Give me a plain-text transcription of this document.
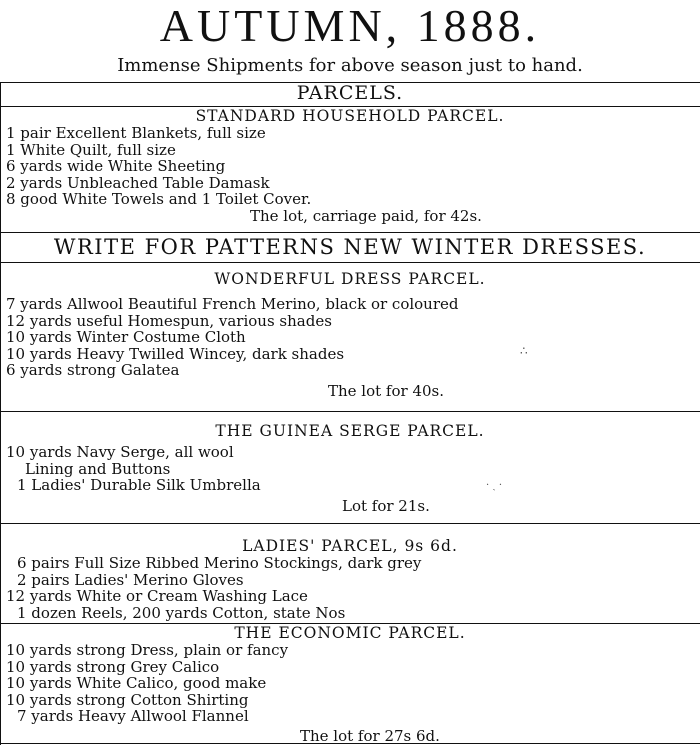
AUTUMN, 1888.
Immense Shipments for above season just to hand.
PARCELS.
STANDARD HOUSEHOLD PARCEL.
1 pair Excellent Blankets, full size
1 White Quilt, full size
6 yards wide White Sheeting
2 yards Unbleached Table Damask
8 good White Towels and 1 Toilet Cover.
The lot, carriage paid, for 42s.
WRITE FOR PATTERNS NEW WINTER DRESSES.
WONDERFUL DRESS PARCEL.
7 yards Allwool Beautiful French Merino, black or coloured
12 yards useful Homespun, various shades
10 yards Winter Costume Cloth
10 yards Heavy Twilled Wincey, dark shades
6 yards strong Galatea
The lot for 40s.
THE GUINEA SERGE PARCEL.
10 yards Navy Serge, all wool
Lining and Buttons
1 Ladies' Durable Silk Umbrella
Lot for 21s.
LADIES' PARCEL, 9s 6d.
6 pairs Full Size Ribbed Merino Stockings, dark grey
2 pairs Ladies' Merino Gloves
12 yards White or Cream Washing Lace
1 dozen Reels, 200 yards Cotton, state Nos
THE ECONOMIC PARCEL.
10 yards strong Dress, plain or fancy
10 yards strong Grey Calico
10 yards White Calico, good make
10 yards strong Cotton Shirting
7 yards Heavy Allwool Flannel
The lot for 27s 6d.
∴
· ˏ ·
